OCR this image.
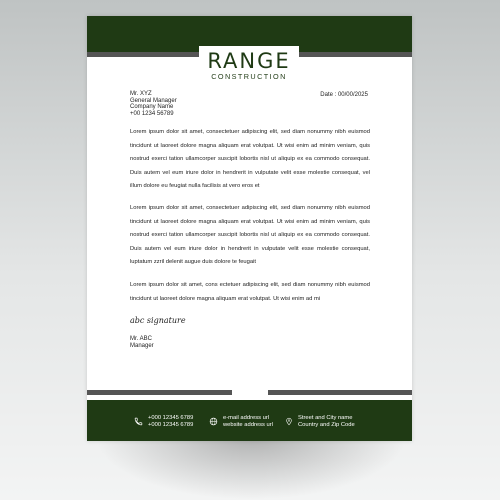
RANGE
CONSTRUCTION
Mr. XYZ
General Manager
Company Name
+00 1234 56789
Date : 00/00/2025

Lorem ipsum dolor sit amet, consectetuer adipiscing elit, sed diam nonummy nibh euismod tincidunt ut laoreet dolore magna aliquam erat volutpat. Ut wisi enim ad minim veniam, quis nostrud exerci tation ullamcorper suscipit lobortis nisl ut aliquip ex ea commodo consequat. Duis autem vel eum iriure dolor in hendrerit in vulputate velit esse molestie consequat, vel illum dolore eu feugiat nulla facilisis at vero eros et

Lorem ipsum dolor sit amet, consectetuer adipiscing elit, sed diam nonummy nibh euismod tincidunt ut laoreet dolore magna aliquam erat volutpat. Ut wisi enim ad minim veniam, quis nostrud exerci tation ullamcorper suscipit lobortis nisl ut aliquip ex ea commodo consequat. Duis autem vel eum iriure dolor in hendrerit in vulputate velit esse molestie consequat, luptatum zzril delenit augue duis dolore te feugait

Lorem ipsum dolor sit amet, cons ectetuer adipiscing elit, sed diam nonummy nibh euismod tincidunt ut laoreet dolore magna aliquam erat volutpat. Ut wisi enim ad mi

abc signature
Mr. ABC
Manager
+000 12345 6789
+000 12345 6789
e-mail address url
website address url
Street and City name
Country and Zip Code
